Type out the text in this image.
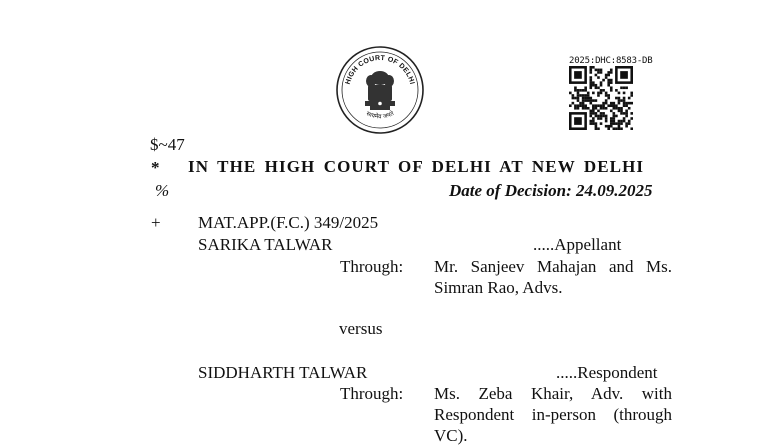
HIGH COURT OF DELHI
सत्यमेव जयते
2025:DHC:8583-DB
$~47
* IN THE HIGH COURT OF DELHI AT NEW DELHI
%	Date of Decision: 24.09.2025
+ MAT.APP.(F.C.) 349/2025
SARIKA TALWAR	.....Appellant
Through: Mr. Sanjeev Mahajan and Ms.
Simran Rao, Advs.
versus
SIDDHARTH TALWAR	.....Respondent
Through: Ms. Zeba Khair, Adv. with
Respondent in-person (through
VC).
